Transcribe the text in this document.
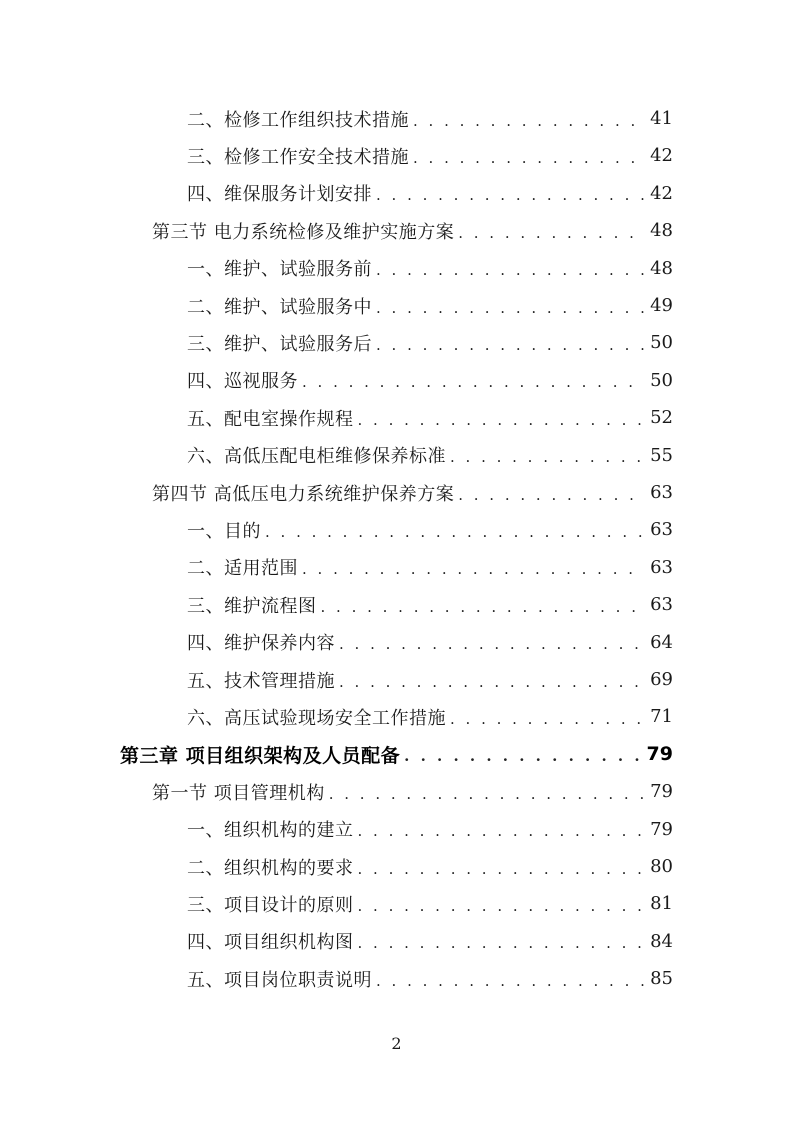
二、检修工作组织技术措施 . . .	41
三、检修工作安全技术措施 . . .	42
四、维保服务计划安排 . . .	42
第三节 电力系统检修及维护实施方案 . . .	48
一、维护、试验服务前 . . .	48
二、维护、试验服务中 . . .	49
三、维护、试验服务后 . . .	50
四、巡视服务 . . .	50
五、配电室操作规程 . . .	52
六、高低压配电柜维修保养标准 . . .	55
第四节 高低压电力系统维护保养方案 . . .	63
一、目的 . . .	63
二、适用范围 . . .	63
三、维护流程图 . . .	63
四、维护保养内容 . . .	64
五、技术管理措施 . . .	69
六、高压试验现场安全工作措施 . . .	71
第三章 项目组织架构及人员配备 . . .	79
第一节 项目管理机构 . . .	79
一、组织机构的建立 . . .	79
二、组织机构的要求 . . .	80
三、项目设计的原则 . . .	81
四、项目组织机构图 . . .	84
五、项目岗位职责说明 . . .	85
2
